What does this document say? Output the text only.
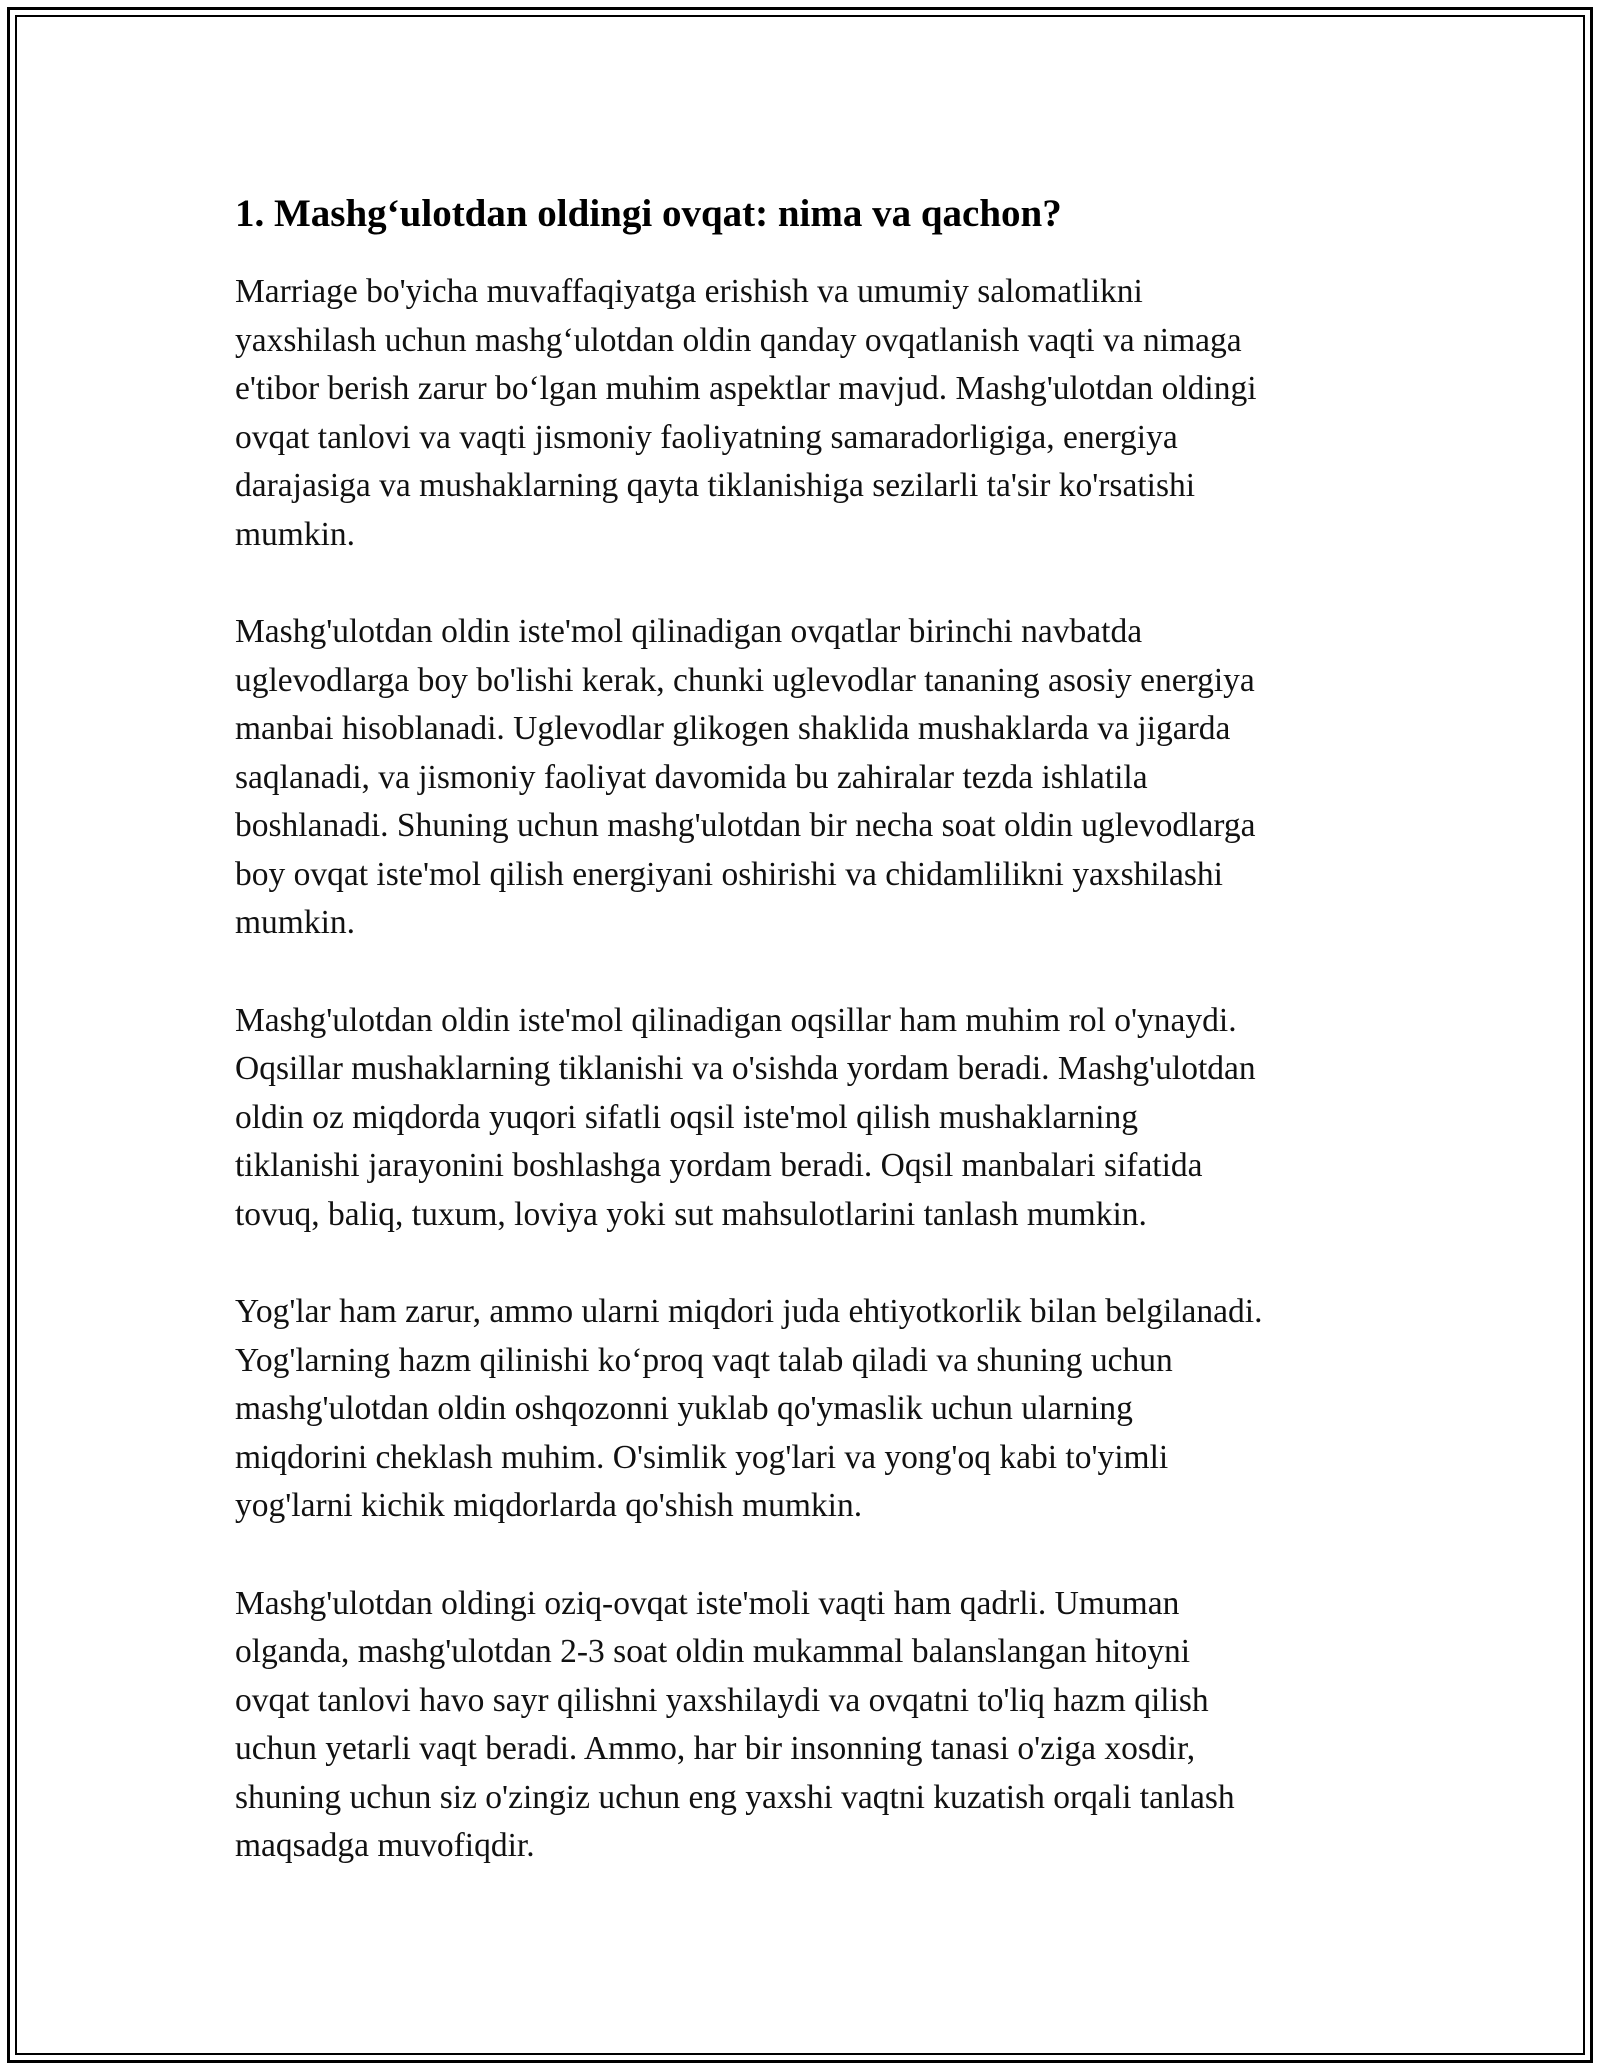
1. Mashg‘ulotdan oldingi ovqat: nima va qachon?

Marriage bo'yicha muvaffaqiyatga erishish va umumiy salomatlikni
yaxshilash uchun mashg‘ulotdan oldin qanday ovqatlanish vaqti va nimaga
e'tibor berish zarur bo‘lgan muhim aspektlar mavjud. Mashg'ulotdan oldingi
ovqat tanlovi va vaqti jismoniy faoliyatning samaradorligiga, energiya
darajasiga va mushaklarning qayta tiklanishiga sezilarli ta'sir ko'rsatishi
mumkin.

Mashg'ulotdan oldin iste'mol qilinadigan ovqatlar birinchi navbatda
uglevodlarga boy bo'lishi kerak, chunki uglevodlar tananing asosiy energiya
manbai hisoblanadi. Uglevodlar glikogen shaklida mushaklarda va jigarda
saqlanadi, va jismoniy faoliyat davomida bu zahiralar tezda ishlatila
boshlanadi. Shuning uchun mashg'ulotdan bir necha soat oldin uglevodlarga
boy ovqat iste'mol qilish energiyani oshirishi va chidamlilikni yaxshilashi
mumkin.

Mashg'ulotdan oldin iste'mol qilinadigan oqsillar ham muhim rol o'ynaydi.
Oqsillar mushaklarning tiklanishi va o'sishda yordam beradi. Mashg'ulotdan
oldin oz miqdorda yuqori sifatli oqsil iste'mol qilish mushaklarning
tiklanishi jarayonini boshlashga yordam beradi. Oqsil manbalari sifatida
tovuq, baliq, tuxum, loviya yoki sut mahsulotlarini tanlash mumkin.

Yog'lar ham zarur, ammo ularni miqdori juda ehtiyotkorlik bilan belgilanadi.
Yog'larning hazm qilinishi ko‘proq vaqt talab qiladi va shuning uchun
mashg'ulotdan oldin oshqozonni yuklab qo'ymaslik uchun ularning
miqdorini cheklash muhim. O'simlik yog'lari va yong'oq kabi to'yimli
yog'larni kichik miqdorlarda qo'shish mumkin.

Mashg'ulotdan oldingi oziq-ovqat iste'moli vaqti ham qadrli. Umuman
olganda, mashg'ulotdan 2-3 soat oldin mukammal balanslangan hitoyni
ovqat tanlovi havo sayr qilishni yaxshilaydi va ovqatni to'liq hazm qilish
uchun yetarli vaqt beradi. Ammo, har bir insonning tanasi o'ziga xosdir,
shuning uchun siz o'zingiz uchun eng yaxshi vaqtni kuzatish orqali tanlash
maqsadga muvofiqdir.
